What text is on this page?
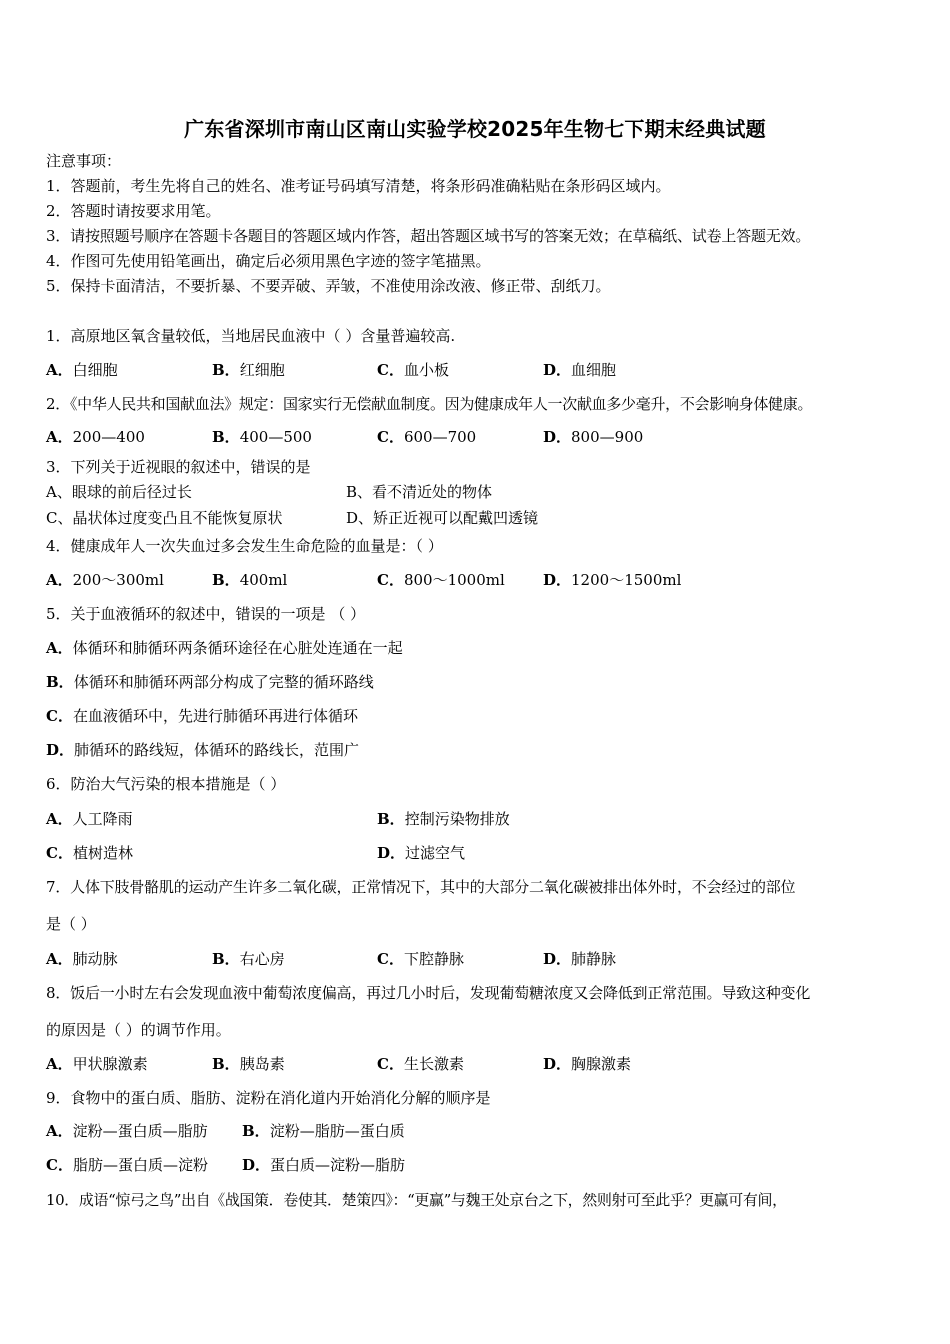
广东省深圳市南山区南山实验学校2025年生物七下期末经典试题
注意事项：
1．答题前，考生先将自己的姓名、准考证号码填写清楚，将条形码准确粘贴在条形码区域内。
2．答题时请按要求用笔。
3．请按照题号顺序在答题卡各题目的答题区域内作答，超出答题区域书写的答案无效；在草稿纸、试卷上答题无效。
4．作图可先使用铅笔画出，确定后必须用黑色字迹的签字笔描黑。
5．保持卡面清洁，不要折暴、不要弄破、弄皱，不准使用涂改液、修正带、刮纸刀。
1．高原地区氧含量较低，当地居民血液中（ ）含量普遍较高.
A．白细胞	B．红细胞	C．血小板	D．血细胞
2．《中华人民共和国献血法》规定：国家实行无偿献血制度。因为健康成年人一次献血多少毫升，不会影响身体健康。
A．200—400	B．400—500	C．600—700	D．800—900
3．下列关于近视眼的叙述中，错误的是
A、眼球的前后径过长	B、看不清近处的物体
C、晶状体过度变凸且不能恢复原状	D、矫正近视可以配戴凹透镜
4．健康成年人一次失血过多会发生生命危险的血量是：（ ）
A．200～300ml	B．400ml	C．800～1000ml	D．1200～1500ml
5．关于血液循环的叙述中，错误的一项是 （ ）
A．体循环和肺循环两条循环途径在心脏处连通在一起
B．体循环和肺循环两部分构成了完整的循环路线
C．在血液循环中，先进行肺循环再进行体循环
D．肺循环的路线短，体循环的路线长，范围广
6．防治大气污染的根本措施是（ ）
A．人工降雨	B．控制污染物排放
C．植树造林	D．过滤空气
7．人体下肢骨骼肌的运动产生许多二氧化碳，正常情况下，其中的大部分二氧化碳被排出体外时，不会经过的部位
是（ ）
A．肺动脉	B．右心房	C．下腔静脉	D．肺静脉
8．饭后一小时左右会发现血液中葡萄浓度偏高，再过几小时后，发现葡萄糖浓度又会降低到正常范围。导致这种变化
的原因是（ ）的调节作用。
A．甲状腺激素	B．胰岛素	C．生长激素	D．胸腺激素
9．食物中的蛋白质、脂肪、淀粉在消化道内开始消化分解的顺序是
A．淀粉—蛋白质—脂肪 B．淀粉—脂肪—蛋白质
C．脂肪—蛋白质—淀粉 D．蛋白质—淀粉—脂肪
10．成语“惊弓之鸟”出自《战国策．卷使其．楚策四》：“更赢”与魏王处京台之下，然则射可至此乎？更赢可有间，
